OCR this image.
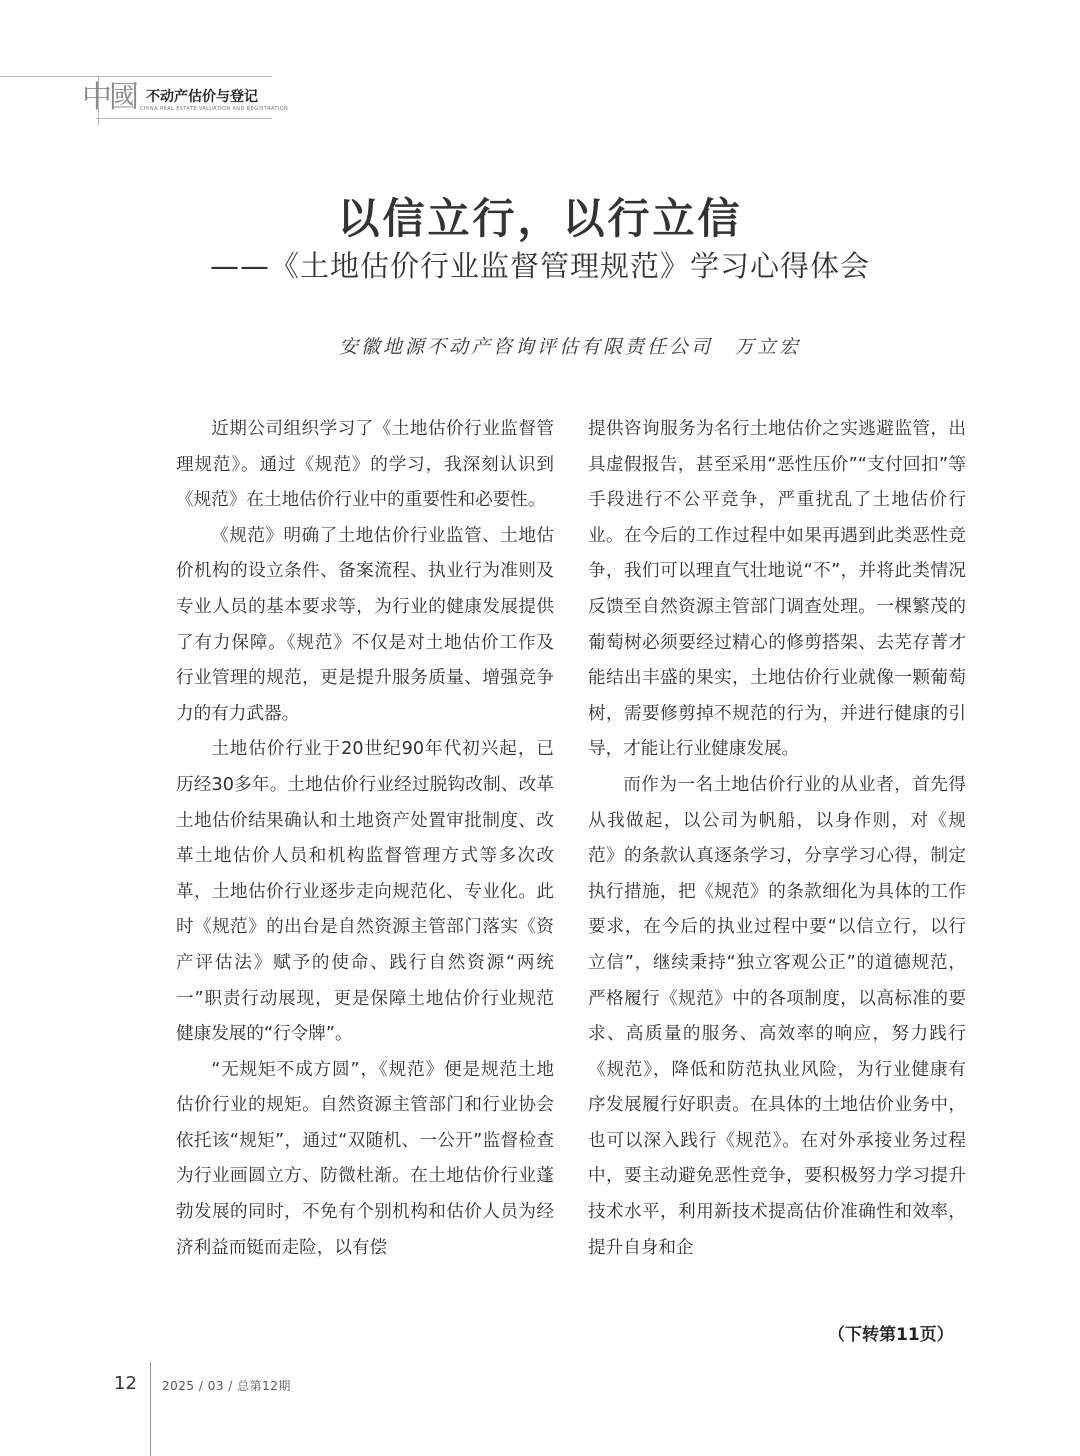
中國 不动产估价与登记
CHINA REAL ESTATE VALUATION AND REGISTRATION
以信立行，以行立信
——《土地估价行业监督管理规范》学习心得体会
安徽地源不动产咨询评估有限责任公司　万立宏

近期公司组织学习了《土地估价行业监督管理规范》。通过《规范》的学习，我深刻认识到《规范》在土地估价行业中的重要性和必要性。

《规范》明确了土地估价行业监管、土地估价机构的设立条件、备案流程、执业行为准则及专业人员的基本要求等，为行业的健康发展提供了有力保障。《规范》不仅是对土地估价工作及行业管理的规范，更是提升服务质量、增强竞争力的有力武器。

土地估价行业于20世纪90年代初兴起，已历经30多年。土地估价行业经过脱钩改制、改革土地估价结果确认和土地资产处置审批制度、改革土地估价人员和机构监督管理方式等多次改革，土地估价行业逐步走向规范化、专业化。此时《规范》的出台是自然资源主管部门落实《资产评估法》赋予的使命、践行自然资源“两统一”职责行动展现，更是保障土地估价行业规范健康发展的“行令牌”。

“无规矩不成方圆”，《规范》便是规范土地估价行业的规矩。自然资源主管部门和行业协会依托该“规矩”，通过“双随机、一公开”监督检查为行业画圆立方、防微杜渐。在土地估价行业蓬勃发展的同时，不免有个别机构和估价人员为经济利益而铤而走险，以有偿

提供咨询服务为名行土地估价之实逃避监管，出具虚假报告，甚至采用“恶性压价”“支付回扣”等手段进行不公平竞争，严重扰乱了土地估价行业。在今后的工作过程中如果再遇到此类恶性竞争，我们可以理直气壮地说“不”，并将此类情况反馈至自然资源主管部门调查处理。一棵繁茂的葡萄树必须要经过精心的修剪搭架、去芜存菁才能结出丰盛的果实，土地估价行业就像一颗葡萄树，需要修剪掉不规范的行为，并进行健康的引导，才能让行业健康发展。

而作为一名土地估价行业的从业者，首先得从我做起，以公司为帆船，以身作则，对《规范》的条款认真逐条学习，分享学习心得，制定执行措施，把《规范》的条款细化为具体的工作要求，在今后的执业过程中要“以信立行，以行立信”，继续秉持“独立客观公正”的道德规范，严格履行《规范》中的各项制度，以高标准的要求、高质量的服务、高效率的响应，努力践行《规范》，降低和防范执业风险，为行业健康有序发展履行好职责。在具体的土地估价业务中，也可以深入践行《规范》。在对外承接业务过程中，要主动避免恶性竞争，要积极努力学习提升技术水平，利用新技术提高估价准确性和效率，提升自身和企

（下转第11页）
12 2025 / 03 / 总第12期
